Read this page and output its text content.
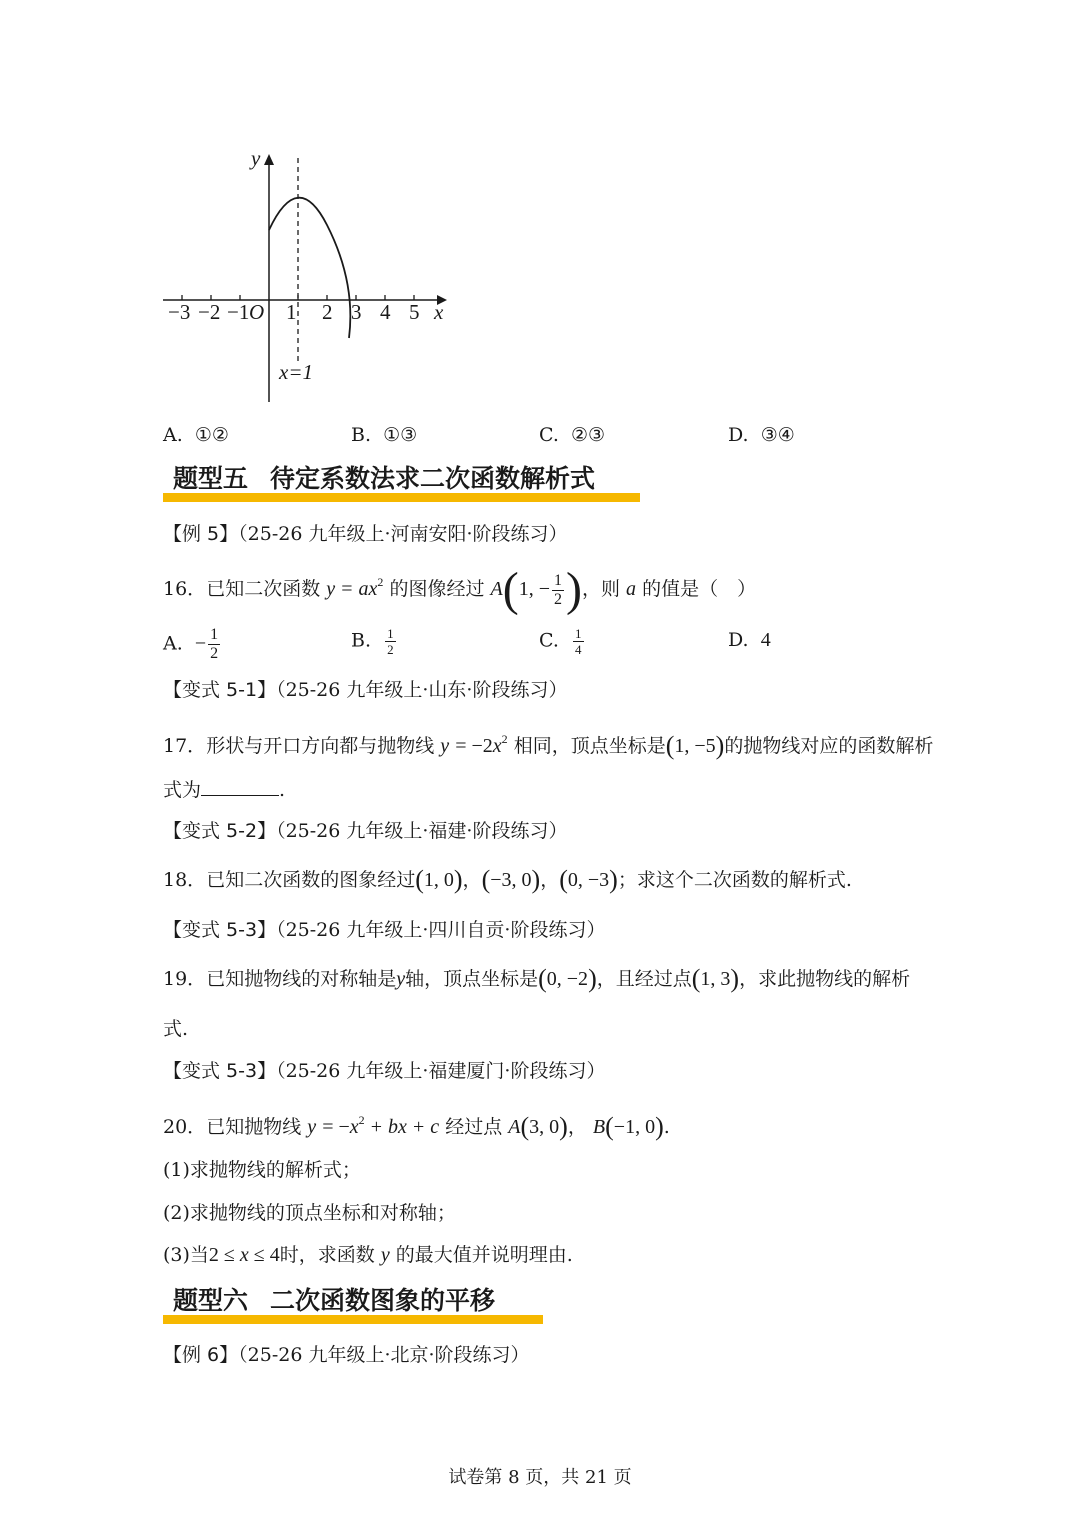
y
x
O
−3 −2 −1 1 2 3 4 5
x=1
A. ①②	B. ①③	C. ②③	D. ③④
题型五 待定系数法求二次函数解析式
【例 5】（25-26 九年级上·河南安阳·阶段练习）
16．已知二次函数 $y = ax^2$ 的图像经过 A(1, − $\frac{1}{2}$ )，则 a 的值是（　）
A. − $\frac{1}{2}$	B. $\frac{1}{2}$	C. $\frac{1}{4}$	D. 4
【变式 5-1】（25-26 九年级上·山东·阶段练习）
17．形状与开口方向都与抛物线 $y = -2x^2$ 相同，顶点坐标是(1, −5)的抛物线对应的函数解析
式为	.
【变式 5-2】（25-26 九年级上·福建·阶段练习）
18．已知二次函数的图象经过(1, 0)，(−3, 0)，(0, −3)；求这个二次函数的解析式.
【变式 5-3】（25-26 九年级上·四川自贡·阶段练习）
19．已知抛物线的对称轴是y轴，顶点坐标是(0, −2)，且经过点(1, 3)，求此抛物线的解析
式.
【变式 5-3】（25-26 九年级上·福建厦门·阶段练习）
20．已知抛物线 $y = -x^2$ + bx + c 经过点 A(3, 0)， B(−1, 0).
(1)求抛物线的解析式；
(2)求抛物线的顶点坐标和对称轴；
(3)当2 ≤ x ≤ 4时，求函数 y 的最大值并说明理由.
题型六 二次函数图象的平移
【例 6】（25-26 九年级上·北京·阶段练习）
试卷第 8 页，共 21 页
